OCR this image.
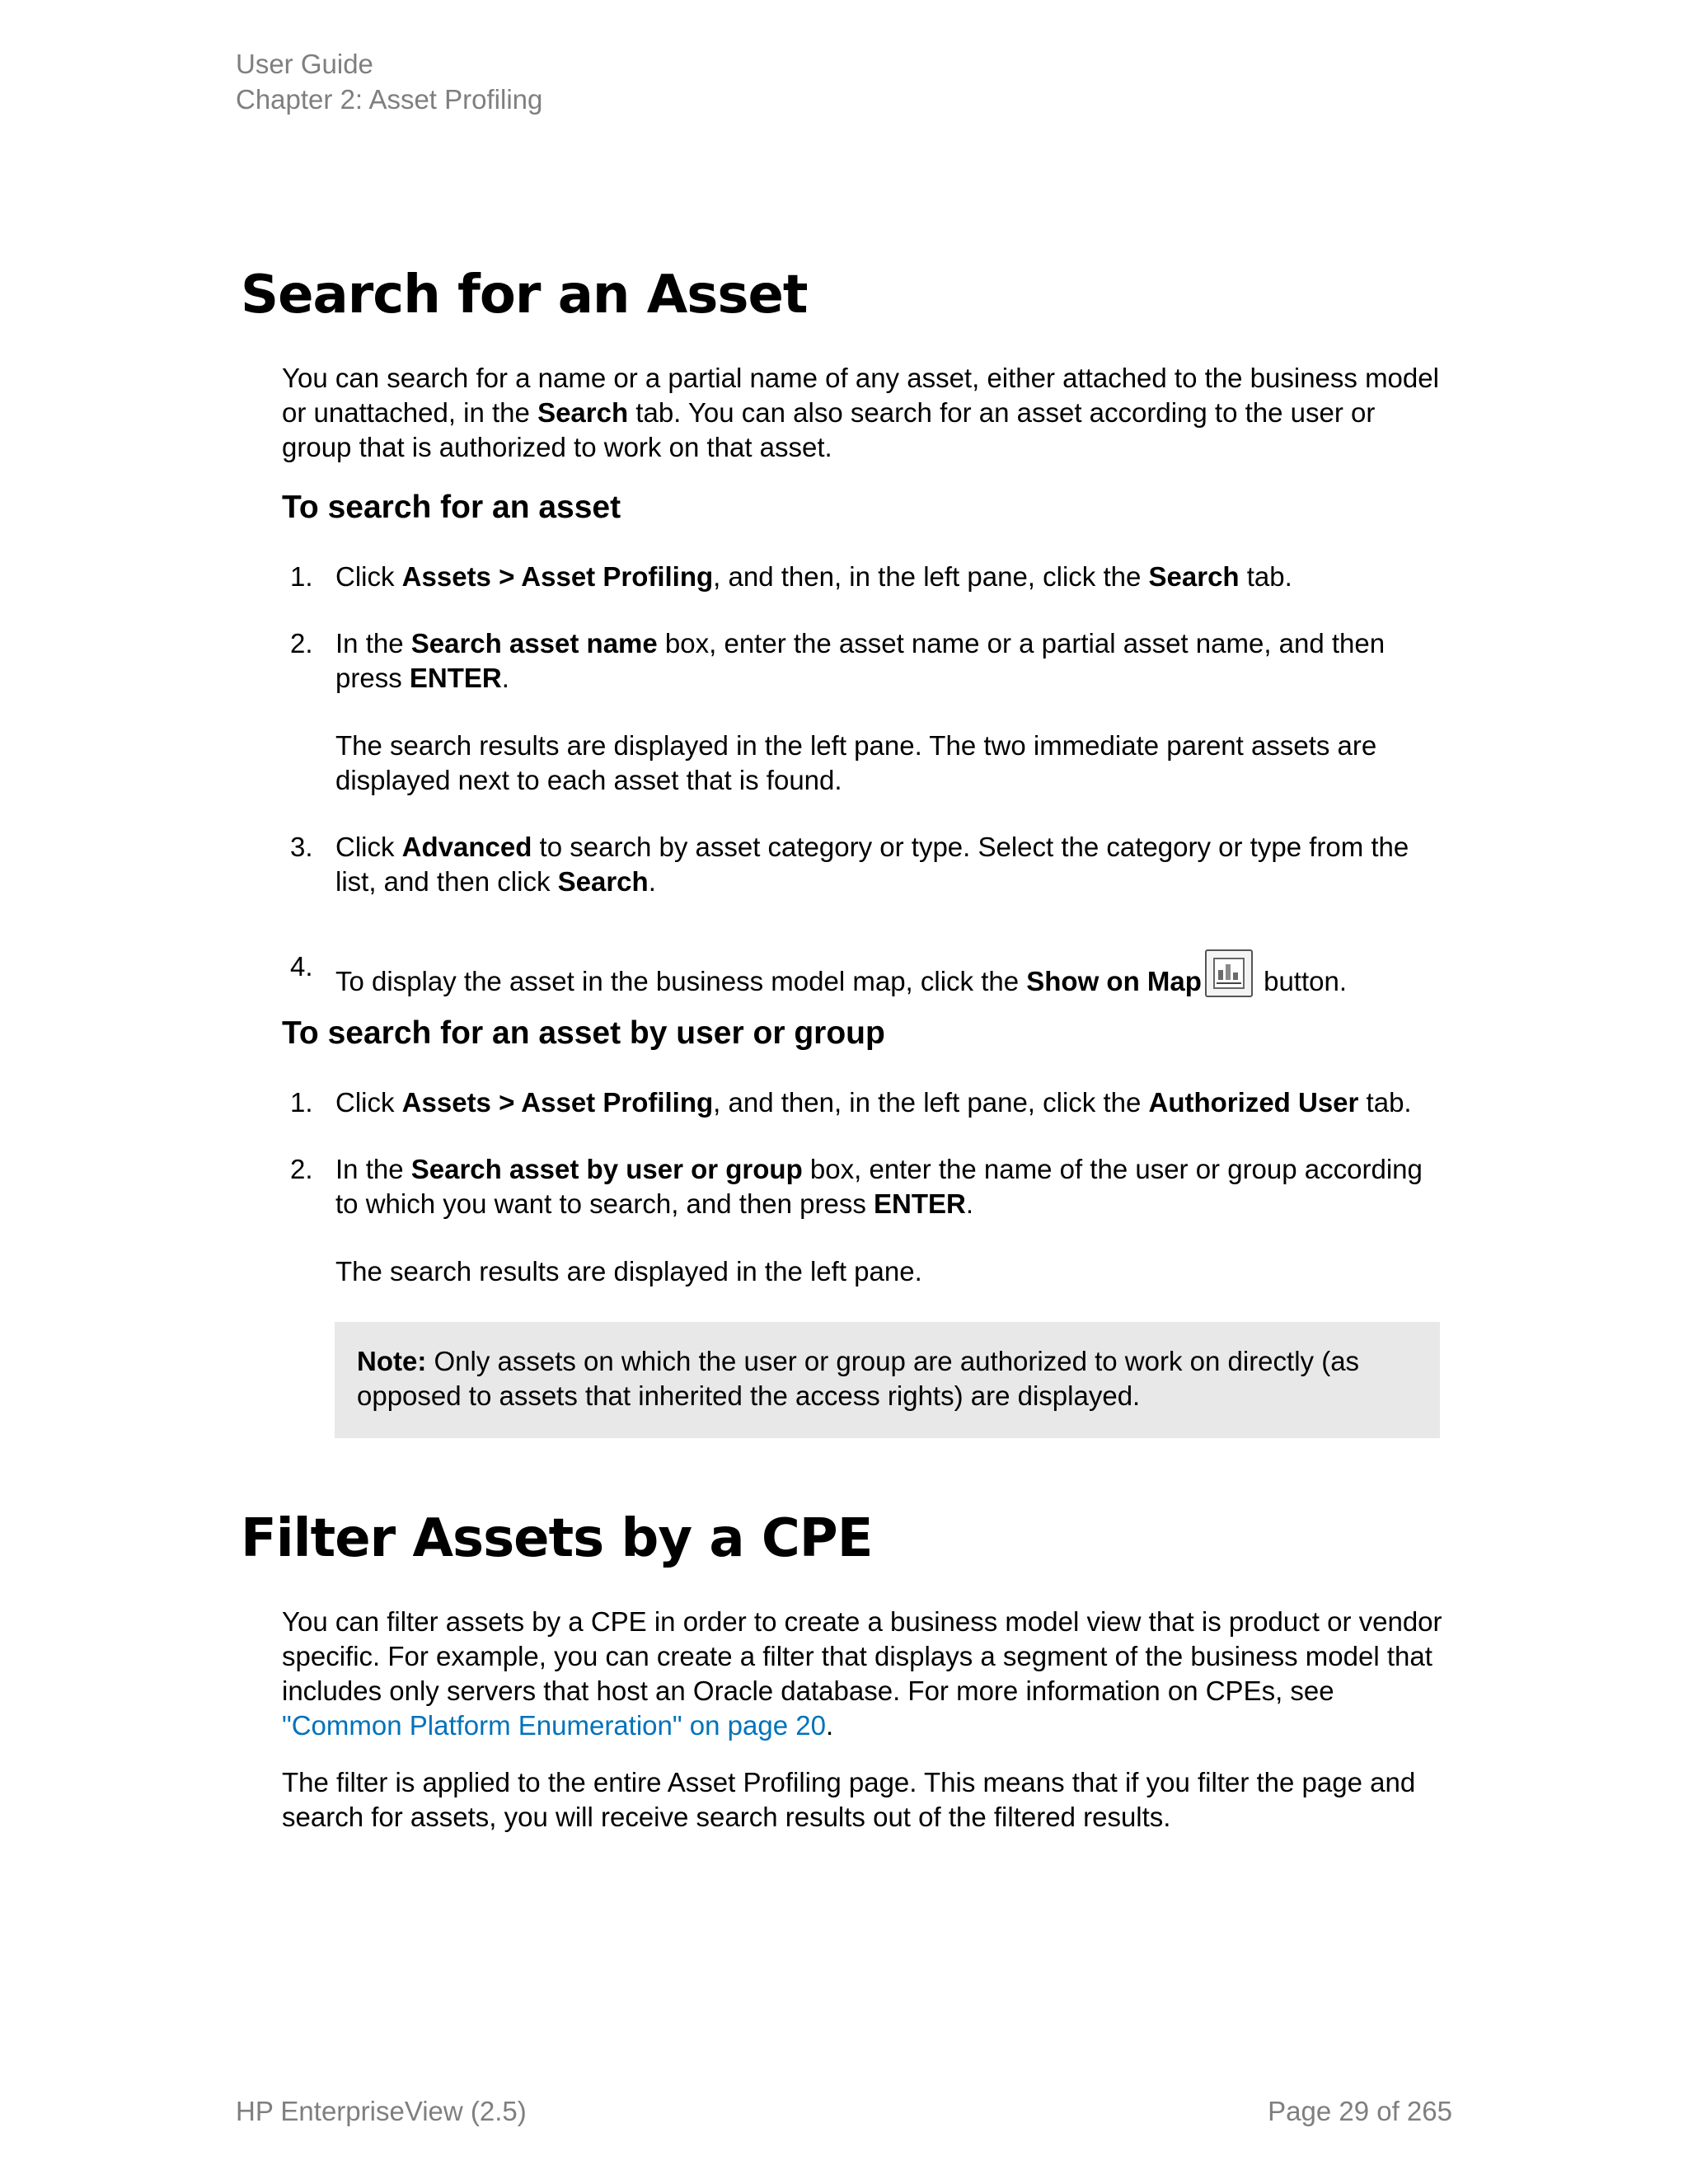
User Guide
Chapter 2: Asset Profiling
Search for an Asset
You can search for a name or a partial name of any asset, either attached to the business model or unattached, in the Search tab. You can also search for an asset according to the user or group that is authorized to work on that asset.
To search for an asset
1. Click Assets > Asset Profiling, and then, in the left pane, click the Search tab.
2. In the Search asset name box, enter the asset name or a partial asset name, and then press ENTER.
The search results are displayed in the left pane. The two immediate parent assets are displayed next to each asset that is found.
3. Click Advanced to search by asset category or type. Select the category or type from the list, and then click Search.
4. To display the asset in the business model map, click the Show on Map
button.
To search for an asset by user or group
1. Click Assets > Asset Profiling, and then, in the left pane, click the Authorized User tab.
2. In the Search asset by user or group box, enter the name of the user or group according to which you want to search, and then press ENTER.
The search results are displayed in the left pane.
Note: Only assets on which the user or group are authorized to work on directly (as opposed to assets that inherited the access rights) are displayed.
Filter Assets by a CPE
You can filter assets by a CPE in order to create a business model view that is product or vendor specific. For example, you can create a filter that displays a segment of the business model that includes only servers that host an Oracle database. For more information on CPEs, see "Common Platform Enumeration" on page 20.
The filter is applied to the entire Asset Profiling page. This means that if you filter the page and search for assets, you will receive search results out of the filtered results.
HP EnterpriseView (2.5)	Page 29 of 265
